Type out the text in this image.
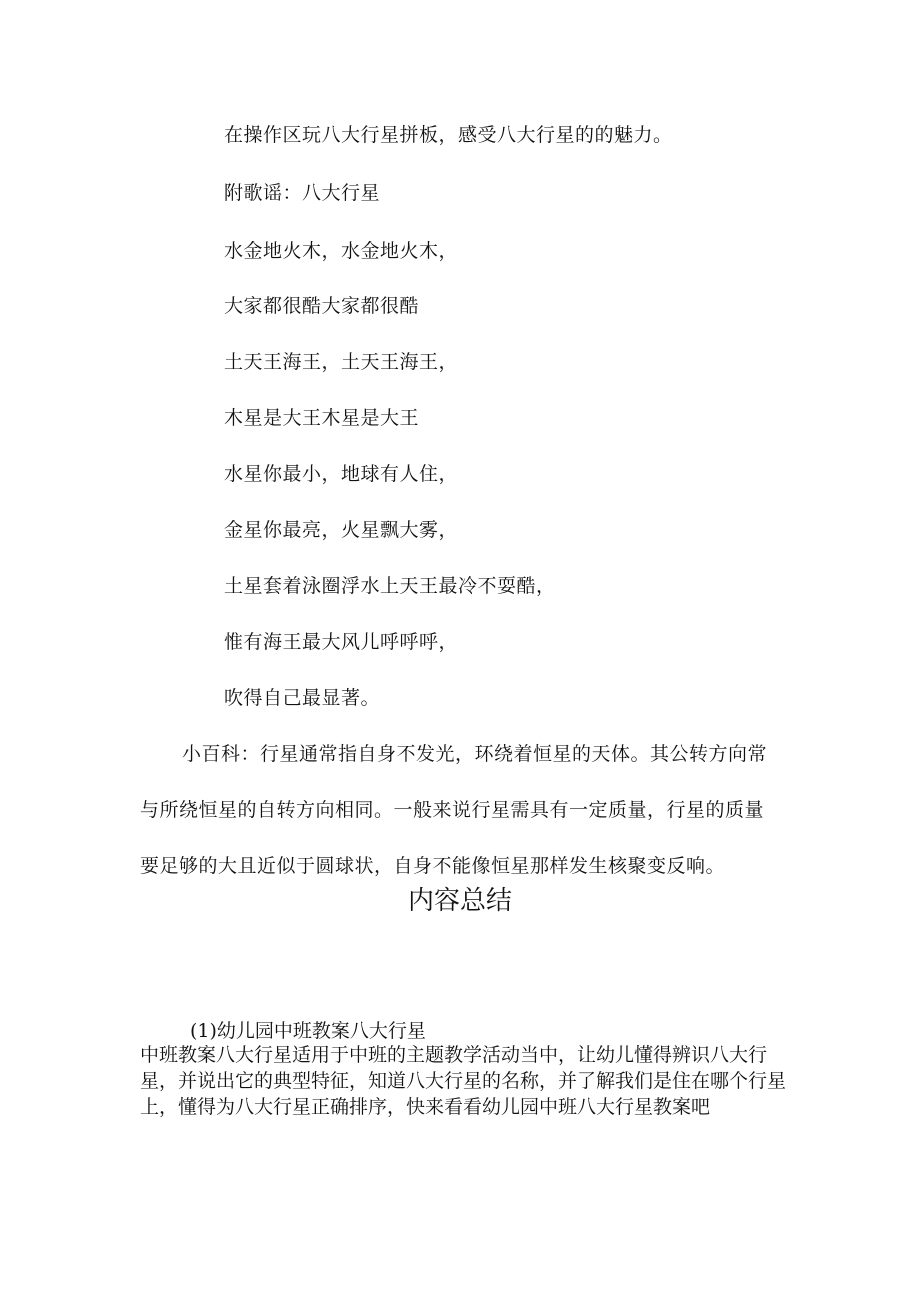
在操作区玩八大行星拼板，感受八大行星的的魅力。
附歌谣：八大行星
水金地火木，水金地火木，
大家都很酷大家都很酷
土天王海王，土天王海王，
木星是大王木星是大王
水星你最小，地球有人住，
金星你最亮，火星飘大雾，
土星套着泳圈浮水上天王最冷不耍酷，
惟有海王最大风儿呼呼呼，
吹得自己最显著。
小百科：行星通常指自身不发光，环绕着恒星的天体。其公转方向常
与所绕恒星的自转方向相同。一般来说行星需具有一定质量，行星的质量
要足够的大且近似于圆球状，自身不能像恒星那样发生核聚变反响。
内容总结
(1)幼儿园中班教案八大行星
中班教案八大行星适用于中班的主题教学活动当中，让幼儿懂得辨识八大行星，并说出它的典型特征，知道八大行星的名称，并了解我们是住在哪个行星上，懂得为八大行星正确排序，快来看看幼儿园中班八大行星教案吧
